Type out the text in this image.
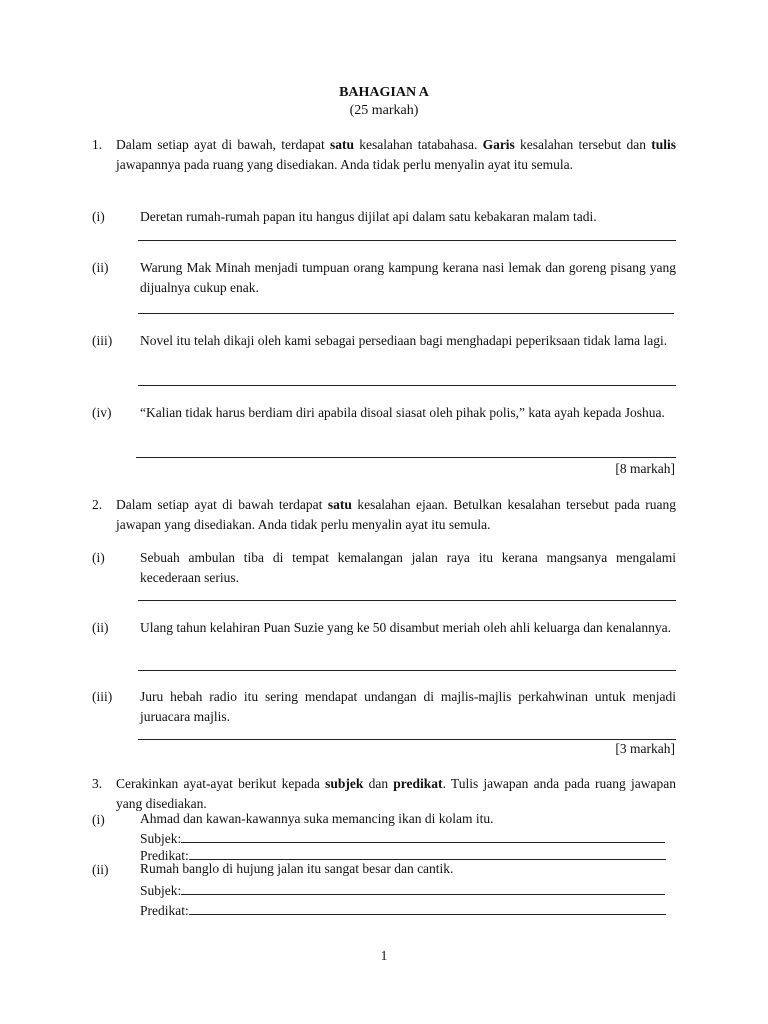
BAHAGIAN A
(25 markah)
1.	Dalam setiap ayat di bawah, terdapat satu kesalahan tatabahasa. Garis kesalahan tersebut dan tulis jawapannya pada ruang yang disediakan. Anda tidak perlu menyalin ayat itu semula.
(i)	Deretan rumah-rumah papan itu hangus dijilat api dalam satu kebakaran malam tadi.
(ii)	Warung Mak Minah menjadi tumpuan orang kampung kerana nasi lemak dan goreng pisang yang dijualnya cukup enak.
(iii)	Novel itu telah dikaji oleh kami sebagai persediaan bagi menghadapi peperiksaan tidak lama lagi.
(iv)	“Kalian tidak harus berdiam diri apabila disoal siasat oleh pihak polis,” kata ayah kepada Joshua.
[8 markah]
2.	Dalam setiap ayat di bawah terdapat satu kesalahan ejaan. Betulkan kesalahan tersebut pada ruang jawapan yang disediakan. Anda tidak perlu menyalin ayat itu semula.
(i)	Sebuah ambulan tiba di tempat kemalangan jalan raya itu kerana mangsanya mengalami kecederaan serius.
(ii)	Ulang tahun kelahiran Puan Suzie yang ke 50 disambut meriah oleh ahli keluarga dan kenalannya.
(iii)	Juru hebah radio itu sering mendapat undangan di majlis-majlis perkahwinan untuk menjadi juruacara majlis.
[3 markah]
3.	Cerakinkan ayat-ayat berikut kepada subjek dan predikat. Tulis jawapan anda pada ruang jawapan yang disediakan.
(i)	Ahmad dan kawan-kawannya suka memancing ikan di kolam itu.
Subjek:
Predikat:
(ii)	Rumah banglo di hujung jalan itu sangat besar dan cantik.
Subjek:
Predikat:
1
